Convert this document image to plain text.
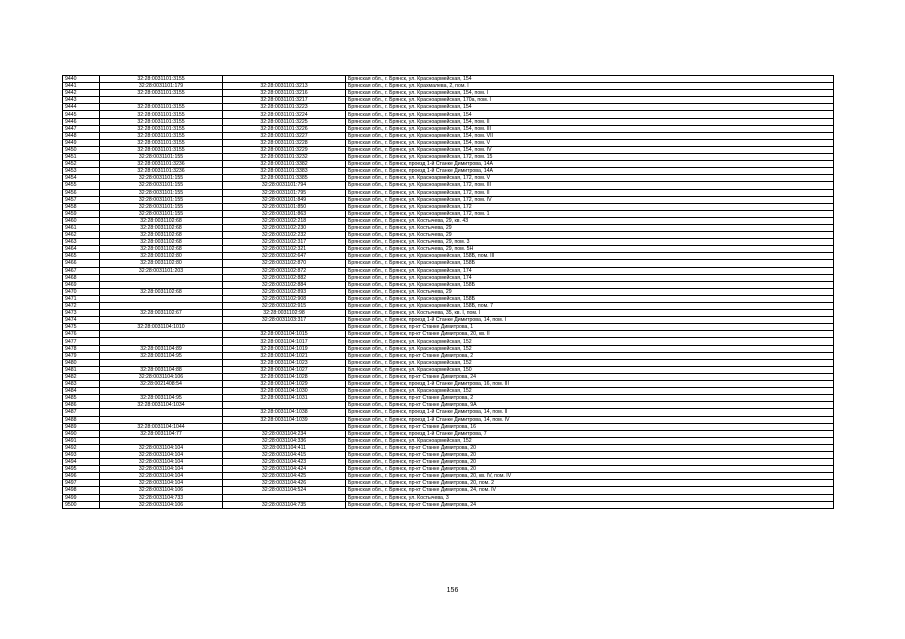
9440	32:28:0031101:3155		Брянская обл., г. Брянск, ул. Красноармейская, 154
9441	32:28:0031101:179	32:28:0031101:3213	Брянская обл., г. Брянск, ул. Крахмалева, 2, пом. I
9442	32:28:0031101:3155	32:28:0031101:3216	Брянская обл., г. Брянск, ул. Красноармейская, 154, пом. I
9443		32:28:0031101:3217	Брянская обл., г. Брянск, ул. Красноармейская, 170а, пом. I
9444	32:28:0031101:3155	32:28:0031101:3223	Брянская обл., г. Брянск, ул. Красноармейская, 154
9445	32:28:0031101:3155	32:28:0031101:3224	Брянская обл., г. Брянск, ул. Красноармейская, 154
9446	32:28:0031101:3155	32:28:0031101:3225	Брянская обл., г. Брянск, ул. Красноармейская, 154, пом. II
9447	32:28:0031101:3155	32:28:0031101:3226	Брянская обл., г. Брянск, ул. Красноармейская, 154, пом. III
9448	32:28:0031101:3155	32:28:0031101:3227	Брянская обл., г. Брянск, ул. Красноармейская, 154, пом. VII
9449	32:28:0031101:3155	32:28:0031101:3228	Брянская обл., г. Брянск, ул. Красноармейская, 154, пом. V
9450	32:28:0031101:3155	32:28:0031101:3229	Брянская обл., г. Брянск, ул. Красноармейская, 154, пом. IV
9451	32:28:0031101:155	32:28:0031101:3232	Брянская обл., г. Брянск, ул. Красноармейская, 172, пом. 15
9452	32:28:0031101:3236	32:28:0031101:3382	Брянская обл., г. Брянск, проезд 1-й Станке Димитрова, 14А
9453	32:28:0031101:3236	32:28:0031101:3383	Брянская обл., г. Брянск, проезд 1-й Станке Димитрова, 14А
9454	32:28:0031101:155	32:28:0031101:3385	Брянская обл., г. Брянск, ул. Красноармейская, 172, пом. V
9455	32:28:0031101:155	32:28:0031101:794	Брянская обл., г. Брянск, ул. Красноармейская, 172, пом. III
9456	32:28:0031101:155	32:28:0031101:795	Брянская обл., г. Брянск, ул. Красноармейская, 172, пом. II
9457	32:28:0031101:155	32:28:0031101:849	Брянская обл., г. Брянск, ул. Красноармейская, 172, пом. IV
9458	32:28:0031101:155	32:28:0031101:850	Брянская обл., г. Брянск, ул. Красноармейская, 172
9459	32:28:0031101:155	32:28:0031101:863	Брянская обл., г. Брянск, ул. Красноармейская, 172, пом. 1
9460	32:28:0031102:68	32:28:0031102:218	Брянская обл., г. Брянск, ул. Костычева, 29, кв. 43
9461	32:28:0031102:68	32:28:0031102:230	Брянская обл., г. Брянск, ул. Костычева, 29
9462	32:28:0031102:68	32:28:0031102:232	Брянская обл., г. Брянск, ул. Костычева, 29
9463	32:28:0031102:68	32:28:0031102:317	Брянская обл., г. Брянск, ул. Костычева, 29, пом. 3
9464	32:28:0031102:68	32:28:0031102:321	Брянская обл., г. Брянск, ул. Костычева, 29, пом. 5Н
9465	32:28:0031102:80	32:28:0031102:647	Брянская обл., г. Брянск, ул. Красноармейская, 158Б, пом. III
9466	32:28:0031102:80	32:28:0031102:870	Брянская обл., г. Брянск, ул. Красноармейская, 158Б
9467	32:28:0031101:203	32:28:0031102:872	Брянская обл., г. Брянск, ул. Красноармейская, 174
9468		32:28:0031102:882	Брянская обл., г. Брянск, ул. Красноармейская, 174
9469		32:28:0031102:884	Брянская обл., г. Брянск, ул. Красноармейская, 158Б
9470	32:28:0031102:68	32:28:0031102:893	Брянская обл., г. Брянск, ул. Костычева, 29
9471		32:28:0031102:908	Брянская обл., г. Брянск, ул. Красноармейская, 158Б
9472		32:28:0031102:915	Брянская обл., г. Брянск, ул. Красноармейская, 158Б, пом. 7
9473	32:28:0031102:67	32:28:0031102:98	Брянская обл., г. Брянск, ул. Костычева, 35, кв. I, пом. I
9474		32:28:0031103:317	Брянская обл., г. Брянск, проезд 1-й Станке Димитрова, 14, пом. I
9475	32:28:0031104:1010		Брянская обл., г. Брянск, пр-кт Станке Димитрова, 1
9476		32:28:0031104:1015	Брянская обл., г. Брянск, пр-кт Станке Димитрова, 20, кв. II
9477		32:28:0031104:1017	Брянская обл., г. Брянск, ул. Красноармейская, 152
9478	32:28:0031104:89	32:28:0031104:1019	Брянская обл., г. Брянск, ул. Красноармейская, 152
9479	32:28:0031104:95	32:28:0031104:1021	Брянская обл., г. Брянск, пр-кт Станке Димитрова, 2
9480		32:28:0031104:1023	Брянская обл., г. Брянск, ул. Красноармейская, 152
9481	32:28:0031104:88	32:28:0031104:1027	Брянская обл., г. Брянск, ул. Красноармейская, 150
9482	32:28:0031104:106	32:28:0031104:1028	Брянская обл., г. Брянск, пр-кт Станке Димитрова, 24
9483	32:28:0021408:54	32:28:0031104:1029	Брянская обл., г. Брянск, проезд 1-й Станке Димитрова, 16, пом. III
9484		32:28:0031104:1030	Брянская обл., г. Брянск, ул. Красноармейская, 152
9485	32:28:0031104:95	32:28:0031104:1031	Брянская обл., г. Брянск, пр-кт Станке Димитрова, 2
9486	32:28:0031104:1034		Брянская обл., г. Брянск, пр-кт Станке Димитрова, 9А
9487		32:28:0031104:1038	Брянская обл., г. Брянск, проезд 1-й Станке Димитрова, 14, пом. II
9488		32:28:0031104:1039	Брянская обл., г. Брянск, проезд 1-й Станке Димитрова, 14, пом. IV
9489	32:28:0031104:1044		Брянская обл., г. Брянск, пр-кт Станке Димитрова, 16
9490	32:28:0031104:77	32:28:0031104:234	Брянская обл., г. Брянск, проезд 1-й Станке Димитрова, 7
9491		32:28:0031104:336	Брянская обл., г. Брянск, ул. Красноармейская, 152
9492	32:28:0031104:104	32:28:0031104:411	Брянская обл., г. Брянск, пр-кт Станке Димитрова, 20
9493	32:28:0031104:104	32:28:0031104:415	Брянская обл., г. Брянск, пр-кт Станке Димитрова, 20
9494	32:28:0031104:104	32:28:0031104:423	Брянская обл., г. Брянск, пр-кт Станке Димитрова, 20
9495	32:28:0031104:104	32:28:0031104:424	Брянская обл., г. Брянск, пр-кт Станке Димитрова, 20
9496	32:28:0031104:104	32:28:0031104:425	Брянская обл., г. Брянск, пр-кт Станке Димитрова, 20, кв. IV, пом. IV
9497	32:28:0031104:104	32:28:0031104:426	Брянская обл., г. Брянск, пр-кт Станке Димитрова, 20, пом. 2
9498	32:28:0031104:106	32:28:0031104:524	Брянская обл., г. Брянск, пр-кт Станке Димитрова, 24, пом. IV
9499	32:28:0031104:733		Брянская обл., г. Брянск, ул. Костычева, 3
9500	32:28:0031104:106	32:28:0031104:735	Брянская обл., г. Брянск, пр-кт Станке Димитрова, 24
156
